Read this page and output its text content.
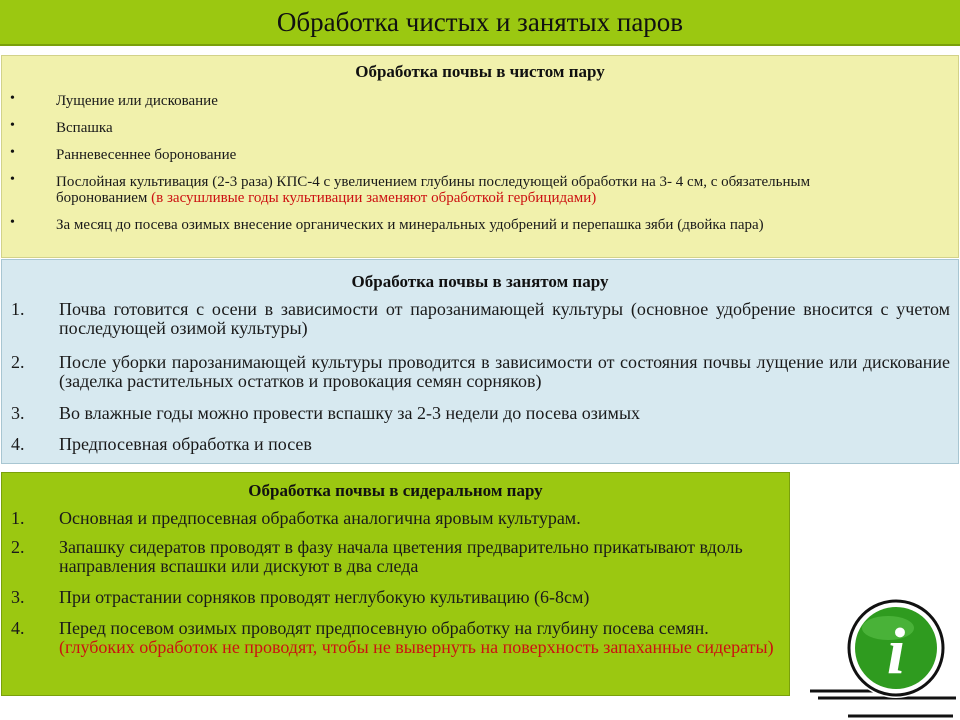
Обработка чистых и занятых паров
Обработка почвы в чистом пару
•	Лущение или дискование
•	Вспашка
•	Ранневесеннее боронование
•	Послойная культивация (2-3 раза) КПС-4 с увеличением глубины последующей обработки на 3- 4 см, с обязательным боронованием (в засушливые годы культивации заменяют обработкой гербицидами)
•	За месяц до посева озимых внесение органических и минеральных удобрений и перепашка зяби (двойка пара)
Обработка почвы в занятом пару
1.	Почва готовится с осени в зависимости от парозанимающей культуры (основное удобрение вносится с учетом последующей озимой культуры)
2.	После уборки парозанимающей культуры проводится в зависимости от состояния почвы лущение или дискование (заделка растительных остатков и провокация семян сорняков)
3.	Во влажные годы можно провести вспашку за 2-3 недели до посева озимых
4.	Предпосевная обработка и посев
Обработка почвы в сидеральном пару
1.	Основная и предпосевная обработка аналогична яровым культурам.
2.	Запашку сидератов проводят в фазу начала цветения предварительно прикатывают вдоль направления вспашки или дискуют в два следа
3.	При отрастании сорняков проводят неглубокую культивацию (6-8см)
4.	Перед посевом озимых проводят предпосевную обработку на глубину посева семян.(глубоких обработок не проводят, чтобы не вывернуть на поверхность запаханные сидераты) i
